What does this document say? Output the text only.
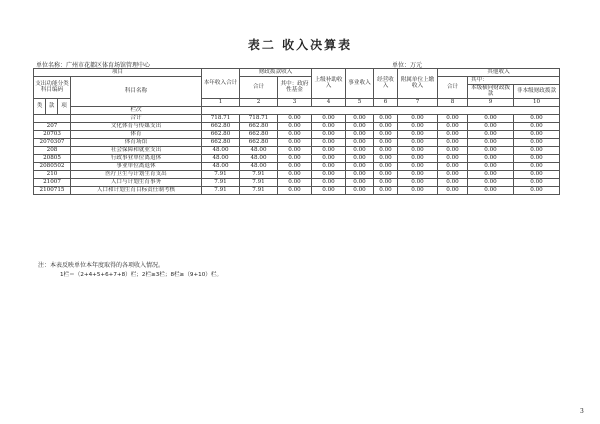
表二 收入决算表
单位名称：广州市花都区体育场馆管理中心	单位：万元
项目				本年收入合计	财政拨款收入		上级补助收入	事业收入	经营收入	附属单位上缴收入	其他收入		
支出功能分类科目编码			科目名称		合计	其中：政府性基金					合计	其中：	
												本级横向财政拨款	非本级财政拨款
类	款	项		1	2	3	4	5	6	7	8	9	10
			栏次										
			合计	718.71	718.71	0.00	0.00	0.00	0.00	0.00	0.00	0.00	0.00
207			文化体育与传媒支出	662.80	662.80	0.00	0.00	0.00	0.00	0.00	0.00	0.00	0.00
20703			体育	662.80	662.80	0.00	0.00	0.00	0.00	0.00	0.00	0.00	0.00
2070307			体育场馆	662.80	662.80	0.00	0.00	0.00	0.00	0.00	0.00	0.00	0.00
208			社会保障和就业支出	48.00	48.00	0.00	0.00	0.00	0.00	0.00	0.00	0.00	0.00
20805			行政事业单位离退休	48.00	48.00	0.00	0.00	0.00	0.00	0.00	0.00	0.00	0.00
2080502			事业单位离退休	48.00	48.00	0.00	0.00	0.00	0.00	0.00	0.00	0.00	0.00
210			医疗卫生与计划生育支出	7.91	7.91	0.00	0.00	0.00	0.00	0.00	0.00	0.00	0.00
21007			人口与计划生育事务	7.91	7.91	0.00	0.00	0.00	0.00	0.00	0.00	0.00	0.00
2100715			人口和计划生育目标责任制考核	7.91	7.91	0.00	0.00	0.00	0.00	0.00	0.00	0.00	0.00
注：本表反映单位本年度取得的各项收入情况。
1栏＝（2+4+5+6+7+8）栏；2栏≥3栏；8栏≥（9+10）栏。
3
